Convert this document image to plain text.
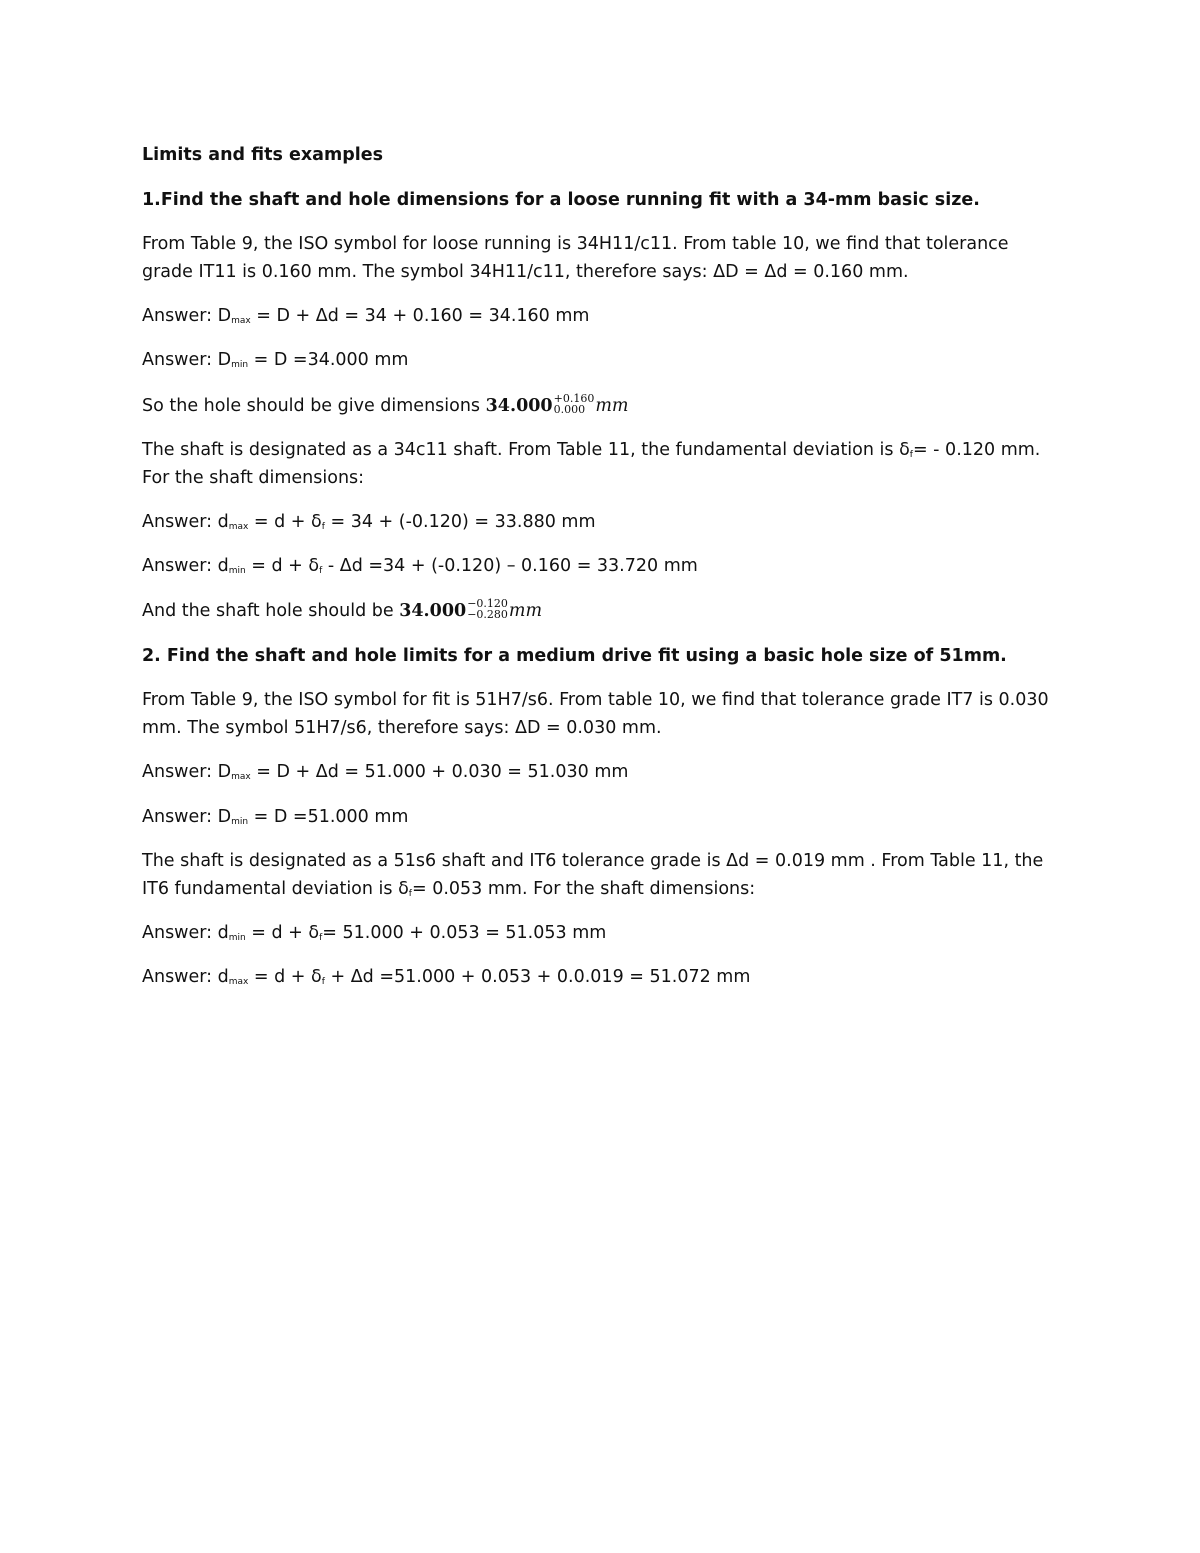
Limits and fits examples

1.Find the shaft and hole dimensions for a loose running fit with a 34-mm basic size.

From Table 9, the ISO symbol for loose running is 34H11/c11. From table 10, we find that tolerance grade IT11 is 0.160 mm. The symbol 34H11/c11, therefore says: ΔD = Δd = 0.160 mm.

Answer: $D_{max} = D + \Delta d = 34 + 0.160 = 34.160$ mm

Answer: $D_{min} = D =34.000$ mm

So the hole should be give dimensions 34.000 +0.160
0.000 mm

The shaft is designated as a 34c11 shaft. From Table 11, the fundamental deviation is $\delta_f= - 0.120$ mm. For the shaft dimensions:

Answer: $d_{max} = d + \delta_f = 34 + (-0.120) = 33.880$ mm

Answer: $d_{min} = d + \delta_f - \Delta d =34 + (-0.120) - 0.160 = 33.720$ mm

And the shaft hole should be 34.000 −0.120
−0.280 mm

2. Find the shaft and hole limits for a medium drive fit using a basic hole size of 51mm.

From Table 9, the ISO symbol for fit is 51H7/s6. From table 10, we find that tolerance grade IT7 is 0.030 mm. The symbol 51H7/s6, therefore says: ΔD = 0.030 mm.

Answer: $D_{max} = D + \Delta d = 51.000 + 0.030 = 51.030$ mm

Answer: $D_{min} = D =51.000$ mm

The shaft is designated as a 51s6 shaft and IT6 tolerance grade is Δd = 0.019 mm . From Table 11, the IT6 fundamental deviation is $\delta_f= 0.053$ mm. For the shaft dimensions:

Answer: $d_{min} = d + \delta_f= 51.000 + 0.053 = 51.053$ mm

Answer: $d_{max} = d + \delta_f + \Delta d =51.000 + 0.053 + 0.0.019 = 51.072$ mm
